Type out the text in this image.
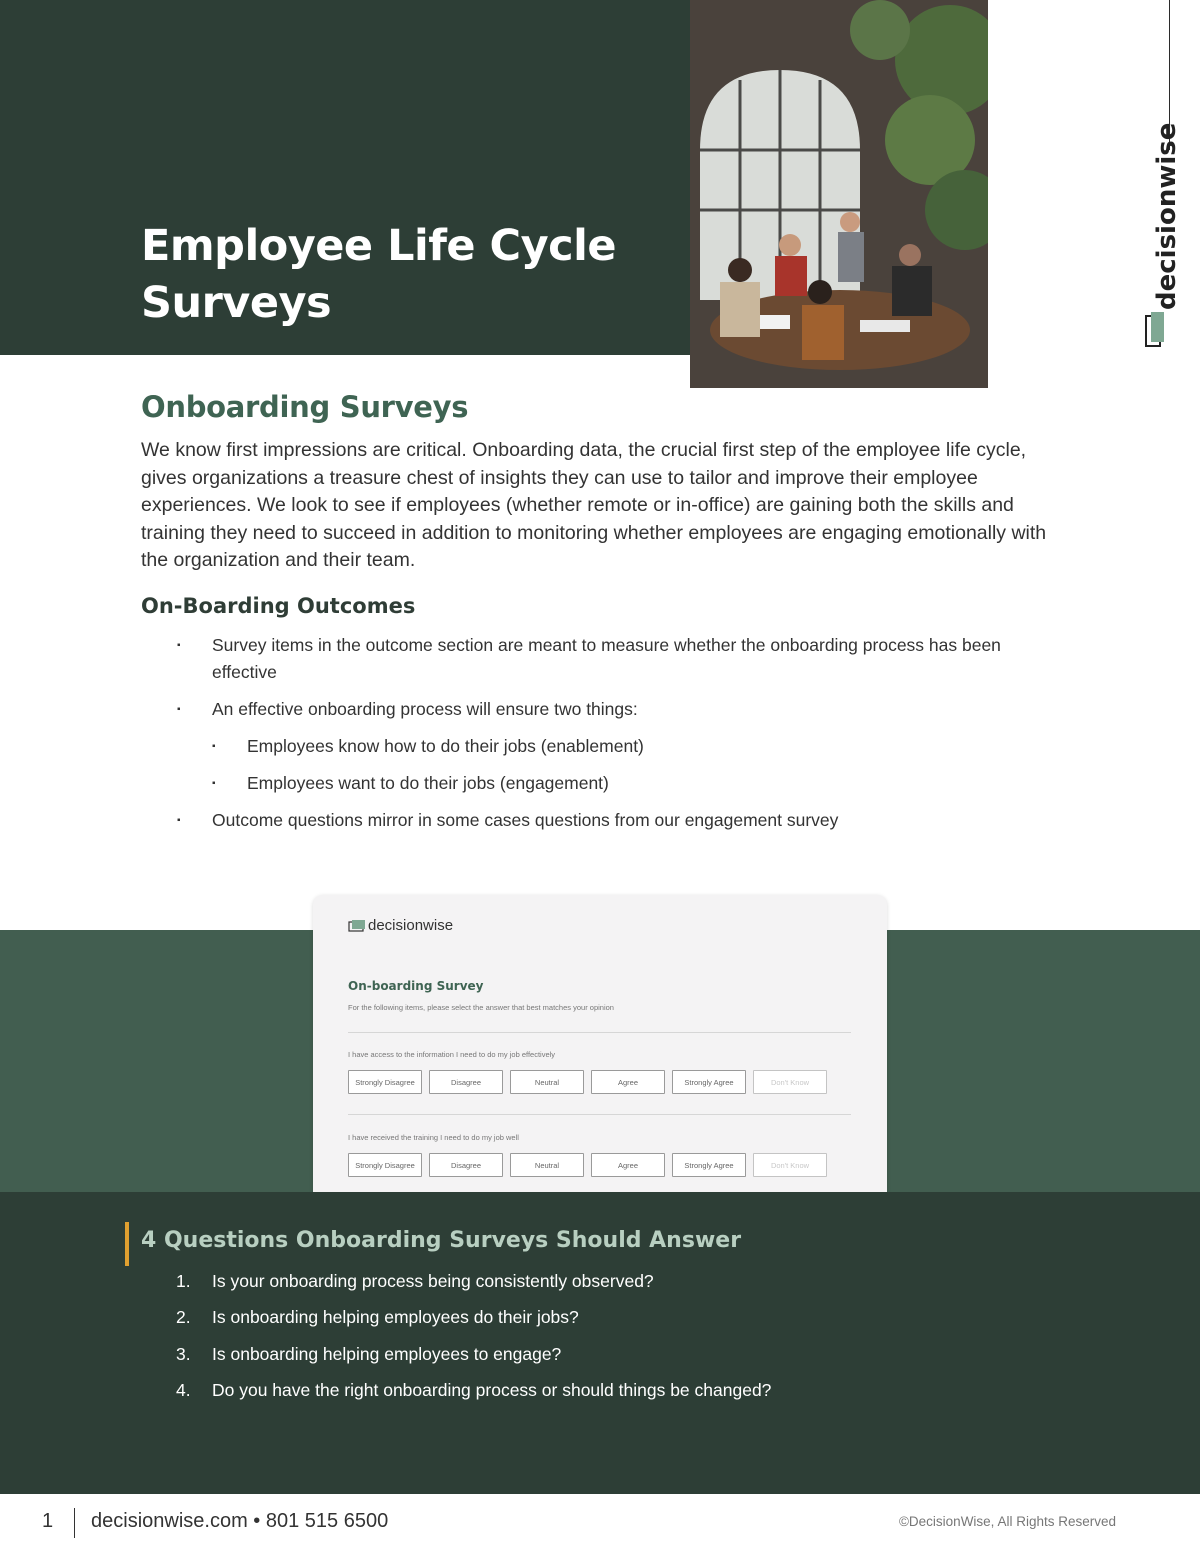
Employee Life Cycle
Surveys	decisionwise
Onboarding Surveys

We know first impressions are critical. Onboarding data, the crucial first step of the employee life cycle, gives organizations a treasure chest of insights they can use to tailor and improve their employee experiences. We look to see if employees (whether remote or in-office) are gaining both the skills and training they need to succeed in addition to monitoring whether employees are engaging emotionally with the organization and their team.

On-Boarding Outcomes
▪ Survey items in the outcome section are meant to measure whether the onboarding process has been effective
▪ An effective onboarding process will ensure two things:
▪ Employees know how to do their jobs (enablement)
▪ Employees want to do their jobs (engagement)
▪ Outcome questions mirror in some cases questions from our engagement survey
decisionwise
On-boarding Survey
For the following items, please select the answer that best matches your opinion
I have access to the information I need to do my job effectively
Strongly Disagree	Disagree	Neutral	Agree	Strongly Agree	Don't Know
I have received the training I need to do my job well
Strongly Disagree	Disagree	Neutral	Agree	Strongly Agree	Don't Know
4 Questions Onboarding Surveys Should Answer
1. Is your onboarding process being consistently observed?
2. Is onboarding helping employees do their jobs?
3. Is onboarding helping employees to engage?
4. Do you have the right onboarding process or should things be changed?
1 decisionwise.com • 801 515 6500	©DecisionWise, All Rights Reserved
